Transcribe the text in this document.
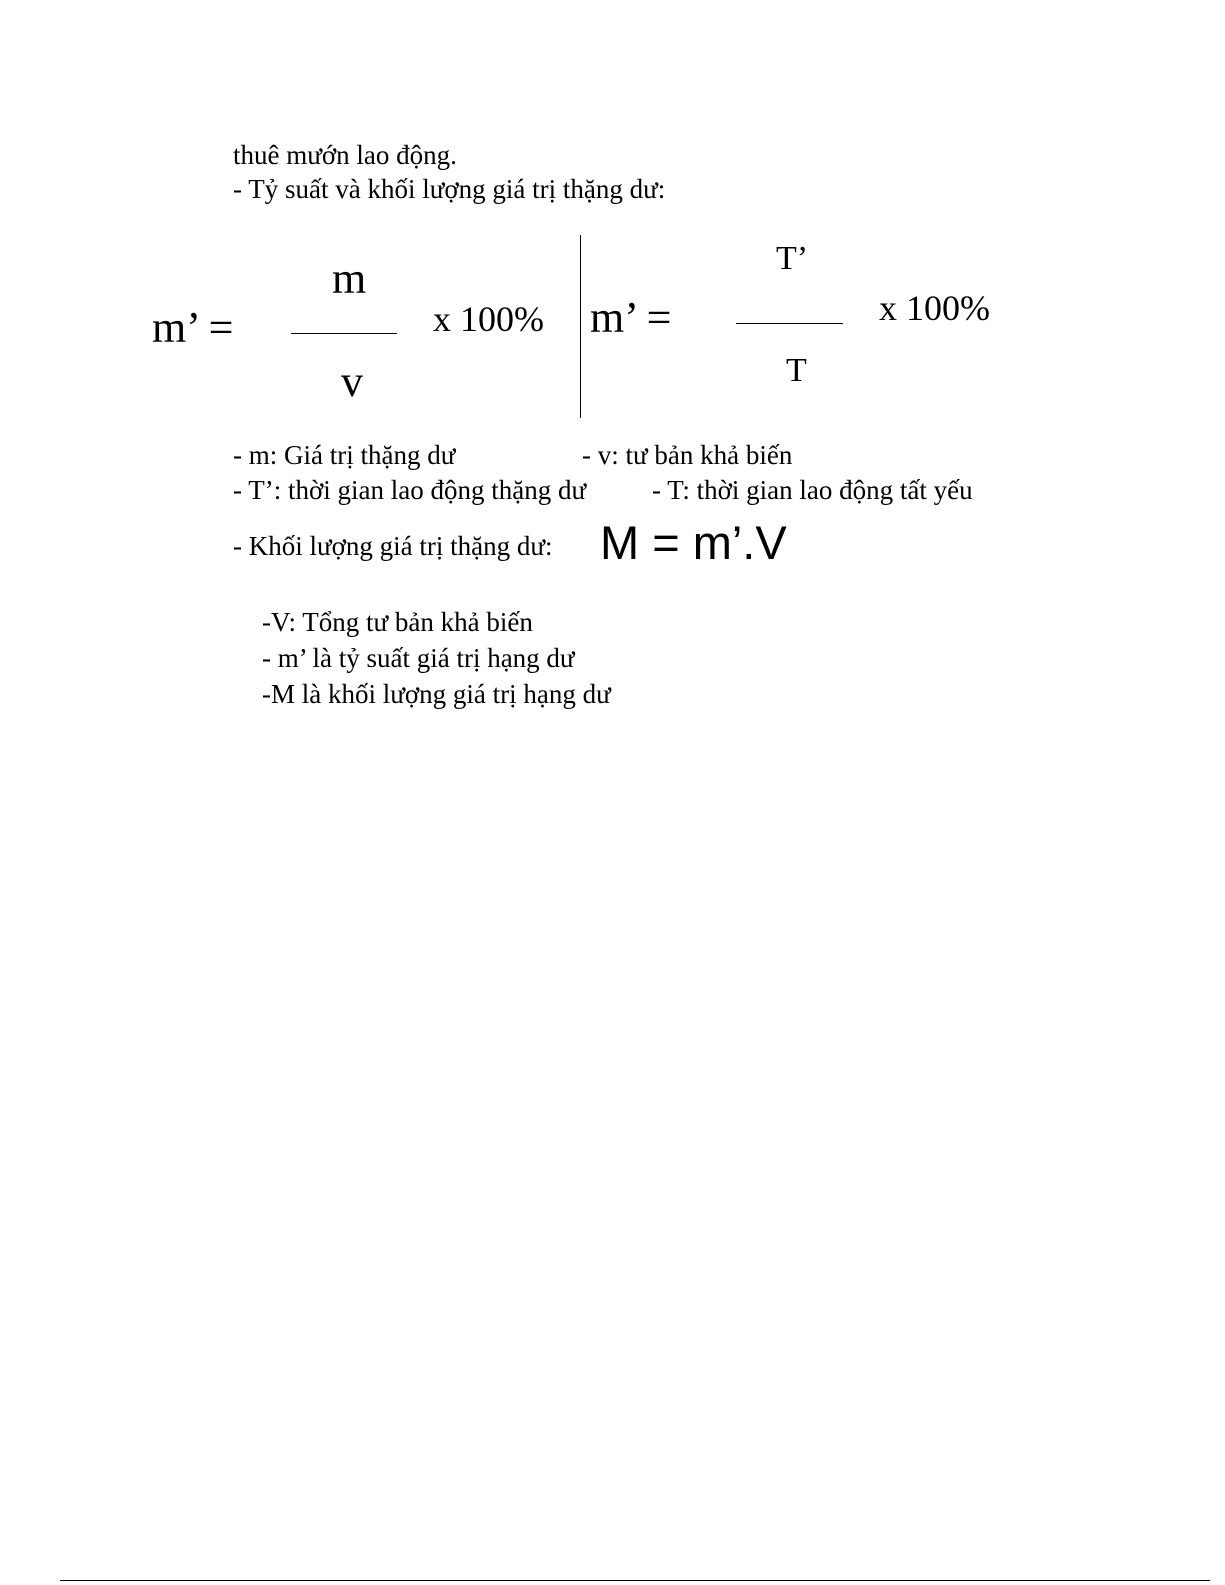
thuê mướn lao động.
- Tỷ suất và khối lượng giá trị thặng dư:
m’ =
m
v
x 100% m’ =
T’
T
x 100%
- m: Giá trị thặng dư	- v: tư bản khả biến
- T’: thời gian lao động thặng dư - T: thời gian lao động tất yếu
- Khối lượng giá trị thặng dư: M = m’.V
-V: Tổng tư bản khả biến
- m’ là tỷ suất giá trị hạng dư
-M là khối lượng giá trị hạng dư
